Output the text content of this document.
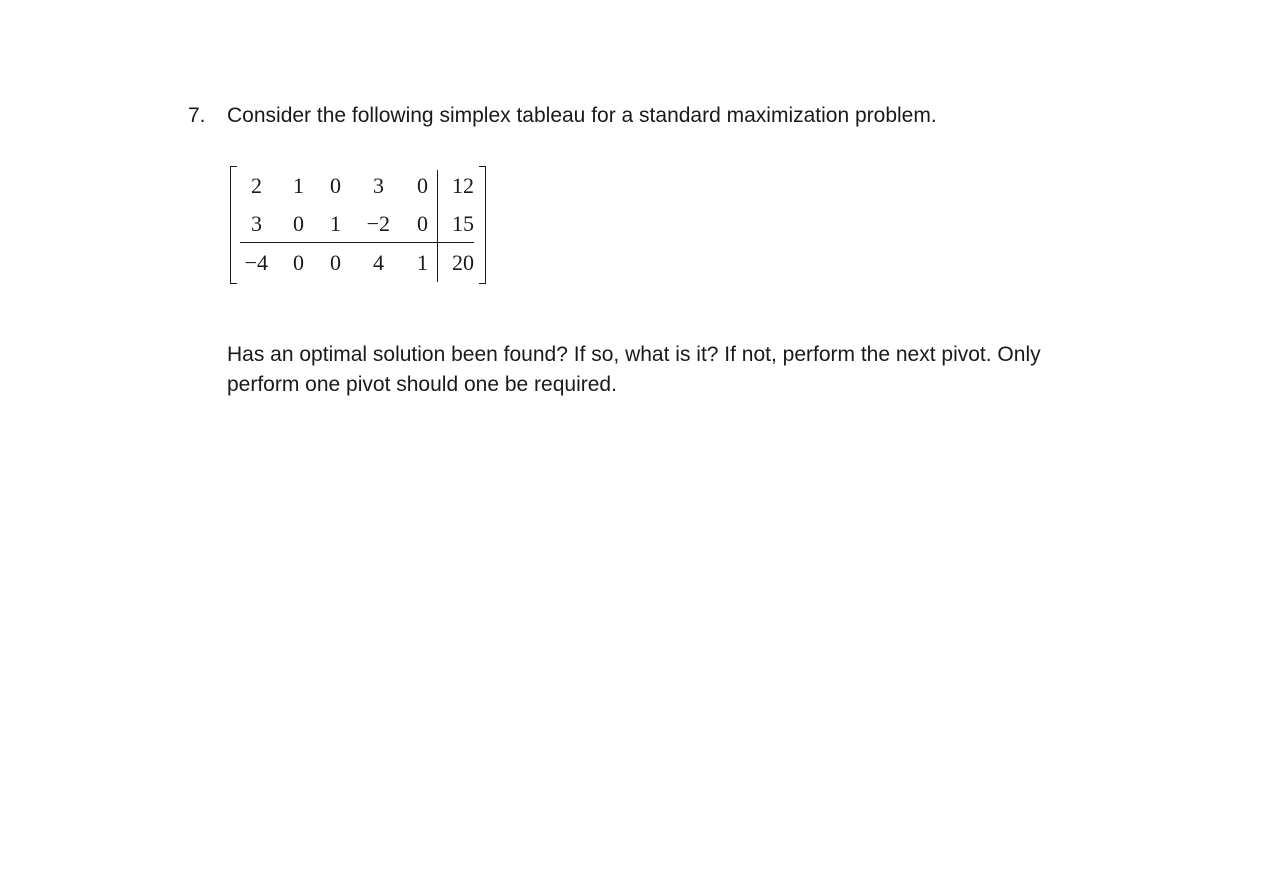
7. Consider the following simplex tableau for a standard maximization problem.
2	1	0	3	0	12
3	0	1	−2	0	15
−4	0	0	4	1	20
Has an optimal solution been found? If so, what is it? If not, perform the next pivot. Only
perform one pivot should one be required.
